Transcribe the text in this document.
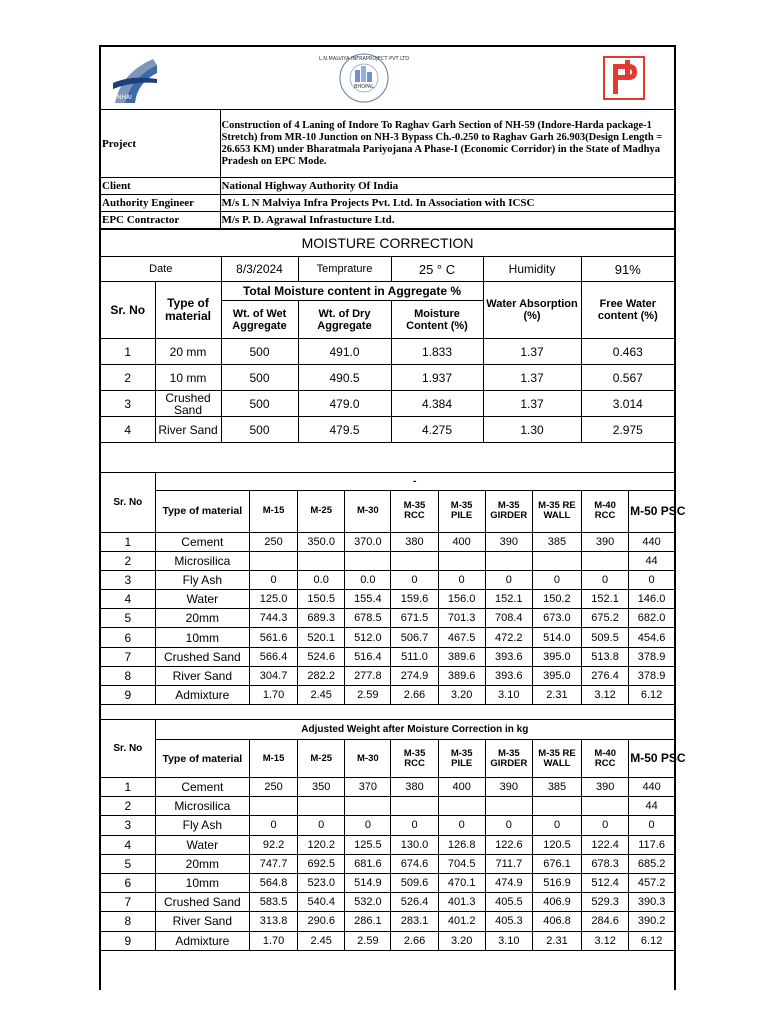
NHAI
BHOPAL
L.N.MALVIYA INFRAPROJECT PVT LTD
Project	Construction of 4 Laning of Indore To Raghav Garh Section of NH-59 (Indore-Harda package-1 Stretch) from MR-10 Junction on NH-3 Bypass Ch.-0.250 to Raghav Garh 26.903(Design Length = 26.653 KM) under Bharatmala Pariyojana A Phase-I (Economic Corridor) in the State of Madhya Pradesh on EPC Mode.
Client	National Highway Authority Of India
Authority Engineer	M/s L N Malviya Infra Projects Pvt. Ltd. In Association with ICSC
EPC Contractor	M/s P. D. Agrawal Infrastucture Ltd.
MOISTURE CORRECTION						
Date		8/3/2024	Temprature	25 ° C	Humidity	91%
Sr. No	Type of material	Total Moisture content in Aggregate %			Water Absorption (%)	Free Water content (%)
		Wt. of Wet Aggregate	Wt. of Dry Aggregate	Moisture Content (%)		
1	20 mm	500	491.0	1.833	1.37	0.463
2	10 mm	500	490.5	1.937	1.37	0.567
3	Crushed Sand	500	479.0	4.384	1.37	3.014
4	River Sand	500	479.5	4.275	1.30	2.975

Sr. No	-									
	Type of material	M-15	M-25	M-30	M-35 RCC	M-35 PILE	M-35 GIRDER	M-35 RE WALL	M-40 RCC	M-50 PSC
1	Cement	250	350.0	370.0	380	400	390	385	390	440
2	Microsilica									44
3	Fly Ash	0	0.0	0.0	0	0	0	0	0	0
4	Water	125.0	150.5	155.4	159.6	156.0	152.1	150.2	152.1	146.0
5	20mm	744.3	689.3	678.5	671.5	701.3	708.4	673.0	675.2	682.0
6	10mm	561.6	520.1	512.0	506.7	467.5	472.2	514.0	509.5	454.6
7	Crushed Sand	566.4	524.6	516.4	511.0	389.6	393.6	395.0	513.8	378.9
8	River Sand	304.7	282.2	277.8	274.9	389.6	393.6	395.0	276.4	378.9
9	Admixture	1.70	2.45	2.59	2.66	3.20	3.10	2.31	3.12	6.12
Sr. No	Adjusted Weight after Moisture Correction in kg									
	Type of material	M-15	M-25	M-30	M-35 RCC	M-35 PILE	M-35 GIRDER	M-35 RE WALL	M-40 RCC	M-50 PSC
1	Cement	250	350	370	380	400	390	385	390	440
2	Microsilica									44
3	Fly Ash	0	0	0	0	0	0	0	0	0
4	Water	92.2	120.2	125.5	130.0	126.8	122.6	120.5	122.4	117.6
5	20mm	747.7	692.5	681.6	674.6	704.5	711.7	676.1	678.3	685.2
6	10mm	564.8	523.0	514.9	509.6	470.1	474.9	516.9	512.4	457.2
7	Crushed Sand	583.5	540.4	532.0	526.4	401.3	405.5	406.9	529.3	390.3
8	River Sand	313.8	290.6	286.1	283.1	401.2	405.3	406.8	284.6	390.2
9	Admixture	1.70	2.45	2.59	2.66	3.20	3.10	2.31	3.12	6.12
